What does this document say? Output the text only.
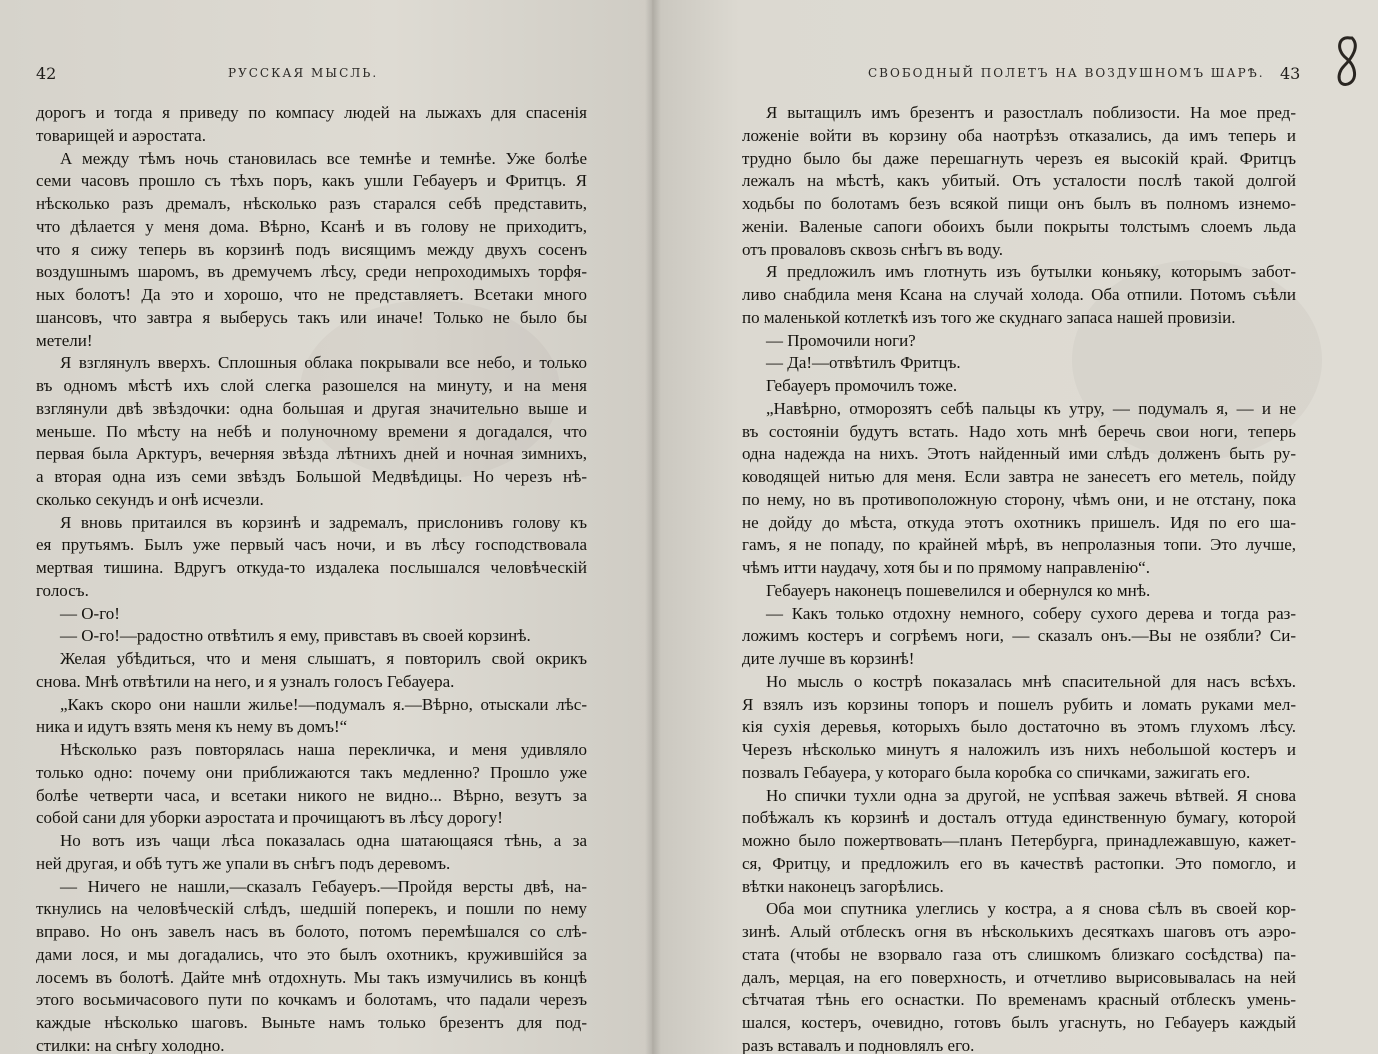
42	РУССКАЯ МЫСЛЬ.
дорогъ и тогда я приведу по компасу людей на лыжахъ для спасенія
товарищей и аэростата.
А между тѣмъ ночь становилась все темнѣе и темнѣе. Уже болѣе
семи часовъ прошло съ тѣхъ поръ, какъ ушли Гебауеръ и Фритцъ. Я
нѣсколько разъ дремалъ, нѣсколько разъ старался себѣ представить,
что дѣлается у меня дома. Вѣрно, Ксанѣ и въ голову не приходитъ,
что я сижу теперь въ корзинѣ подъ висящимъ между двухъ соcенъ
воздушнымъ шаромъ, въ дремучемъ лѣсу, среди непроходимыхъ торфя-
ных болотъ! Да это и хорошо, что не представляетъ. Всетаки много
шансовъ, что завтра я выберусь такъ или иначе! Только не было бы
метели!
Я взглянулъ вверхъ. Сплошныя облака покрывали все небо, и только
въ одномъ мѣстѣ ихъ слой слегка разошелся на минуту, и на меня
взглянули двѣ звѣздочки: одна большая и другая значительно выше и
меньше. По мѣсту на небѣ и полуночному времени я догадался, что
первая была Арктуръ, вечерняя звѣзда лѣтнихъ дней и ночная зимнихъ,
а вторая одна изъ семи звѣздъ Большой Медвѣдицы. Но черезъ нѣ-
сколько секундъ и онѣ исчезли.
Я вновь притаился въ корзинѣ и задремалъ, прислонивъ голову къ
ея прутьямъ. Былъ уже первый часъ ночи, и въ лѣсу господствовала
мертвая тишина. Вдругъ откуда-то издалека послышался человѣческій
голосъ.
— О-го!
— О-го!—радостно отвѣтилъ я ему, привставъ въ своей корзинѣ.
Желая убѣдиться, что и меня слышатъ, я повторилъ свой окрикъ
снова. Мнѣ отвѣтили на него, и я узналъ голосъ Гебауера.
„Какъ скоро они нашли жилье!—подумалъ я.—Вѣрно, отыскали лѣс-
ника и идутъ взять меня къ нему въ домъ!“
Нѣсколько разъ повторялась наша перекличка, и меня удивляло
только одно: почему они приближаются такъ медленно? Прошло уже
болѣе четверти часа, и всетаки никого не видно... Вѣрно, везутъ за
собой сани для уборки аэростата и прочищаютъ въ лѣсу дорогу!
Но вотъ изъ чащи лѣса показалась одна шатающаяся тѣнь, а за
ней другая, и обѣ тутъ же упали въ снѣгъ подъ деревомъ.
— Ничего не нашли,—сказалъ Гебауеръ.—Пройдя версты двѣ, на-
ткнулись на человѣческій слѣдъ, шедшій поперекъ, и пошли по нему
вправо. Но онъ завелъ насъ въ болото, потомъ перемѣшался со слѣ-
дами лося, и мы догадались, что это былъ охотникъ, кружившійся за
лосемъ въ болотѣ. Дайте мнѣ отдохнуть. Мы такъ измучились въ концѣ
этого восьмичасового пути по кочкамъ и болотамъ, что падали черезъ
каждые нѣсколько шаговъ. Выньте намъ только брезентъ для под-
стилки: на снѣгу холодно.
СВОБОДНЫЙ ПОЛЕТЪ НА ВОЗДУШНОМЪ ШАРѢ. 43
Я вытащилъ имъ брезентъ и разостлалъ поблизости. На мое пред-
ложеніе войти въ корзину оба наотрѣзъ отказались, да имъ теперь и
трудно было бы даже перешагнуть черезъ ея высокій край. Фритцъ
лежалъ на мѣстѣ, какъ убитый. Отъ усталости послѣ такой долгой
ходьбы по болотамъ безъ всякой пищи онъ былъ въ полномъ изнемо-
женіи. Валеные сапоги обоихъ были покрыты толстымъ слоемъ льда
отъ проваловъ сквозь снѣгъ въ воду.
Я предложилъ имъ глотнуть изъ бутылки коньяку, которымъ забот-
ливо снабдила меня Ксана на случай холода. Оба отпили. Потомъ съѣли
по маленькой котлеткѣ изъ того же скуднаго запаса нашей провизіи.
— Промочили ноги?
— Да!—отвѣтилъ Фритцъ.
Гебауеръ промочилъ тоже.
„Навѣрно, отморозятъ себѣ пальцы къ утру, — подумалъ я, — и не
въ состояніи будутъ встать. Надо хоть мнѣ беречь свои ноги, теперь
одна надежда на нихъ. Этотъ найденный ими слѣдъ долженъ быть ру-
ководящей нитью для меня. Если завтра не занесетъ его метель, пойду
по нему, но въ противоположную сторону, чѣмъ они, и не отстану, пока
не дойду до мѣста, откуда этотъ охотникъ пришелъ. Идя по его ша-
гамъ, я не попаду, по крайней мѣрѣ, въ непролазныя топи. Это лучше,
чѣмъ итти наудачу, хотя бы и по прямому направленію“.
Гебауеръ наконецъ пошевелился и обернулся ко мнѣ.
— Какъ только отдохну немного, соберу сухого дерева и тогда раз-
ложимъ костеръ и согрѣемъ ноги, — сказалъ онъ.—Вы не озябли? Си-
дите лучше въ корзинѣ!
Но мысль о кострѣ показалась мнѣ спасительной для насъ всѣхъ.
Я взялъ изъ корзины топоръ и пошелъ рубить и ломать руками мел-
кія сухія деревья, которыхъ было достаточно въ этомъ глухомъ лѣсу.
Черезъ нѣсколько минутъ я наложилъ изъ нихъ небольшой костеръ и
позвалъ Гебауера, у котораго была коробка со спичками, зажигать его.
Но спички тухли одна за другой, не успѣвая зажечь вѣтвей. Я снова
побѣжалъ къ корзинѣ и досталъ оттуда единственную бумагу, которой
можно было пожертвовать—планъ Петербурга, принадлежавшую, кажет-
ся, Фритцу, и предложилъ его въ качествѣ растопки. Это помогло, и
вѣтки наконецъ загорѣлись.
Оба мои спутника улеглись у костра, а я снова сѣлъ въ своей кор-
зинѣ. Алый отблескъ огня въ нѣсколькихъ десяткахъ шаговъ отъ аэро-
стата (чтобы не взорвало газа отъ слишкомъ близкаго сосѣдства) па-
далъ, мерцая, на его поверхность, и отчетливо вырисовывалась на ней
сѣтчатая тѣнь его оснастки. По временамъ красный отблескъ умень-
шался, костеръ, очевидно, готовъ былъ угаснуть, но Гебауеръ каждый
разъ вставалъ и подновлялъ его.
